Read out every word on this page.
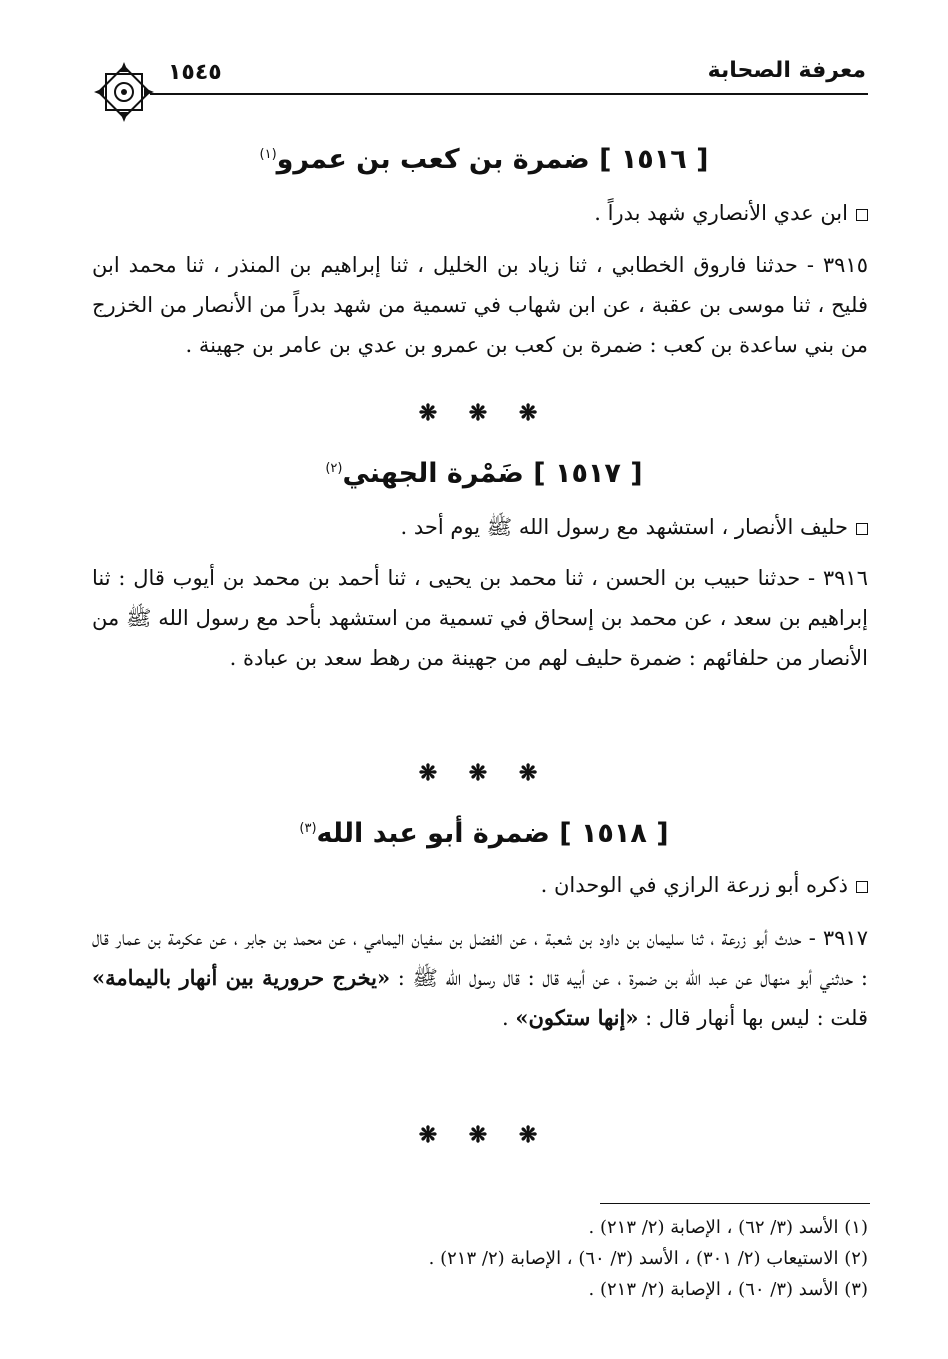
معرفة الصحابة
١٥٤٥
[ ١٥١٦ ] ضمرة بن كعب بن عمرو$^{(١)}$
ابن عدي الأنصاري شهد بدراً .
٣٩١٥ - حدثنا فاروق الخطابي ، ثنا زياد بن الخليل ، ثنا إبراهيم بن المنذر ، ثنا محمد ابن فليح ، ثنا موسى بن عقبة ، عن ابن شهاب في تسمية من شهد بدراً من الأنصار من الخزرج من بني ساعدة بن كعب : ضمرة بن كعب بن عمرو بن عدي بن عامر بن جهينة .
❋ ❋ ❋
[ ١٥١٧ ] ضَمْرة الجهني$^{(٢)}$
حليف الأنصار ، استشهد مع رسول الله ﷺ يوم أحد .
٣٩١٦ - حدثنا حبيب بن الحسن ، ثنا محمد بن يحيى ، ثنا أحمد بن محمد بن أيوب قال : ثنا إبراهيم بن سعد ، عن محمد بن إسحاق في تسمية من استشهد بأحد مع رسول الله ﷺ من الأنصار من حلفائهم : ضمرة حليف لهم من جهينة من رهط سعد بن عبادة .
❋ ❋ ❋
[ ١٥١٨ ] ضمرة أبو عبد الله$^{(٣)}$
ذكره أبو زرعة الرازي في الوحدان .
٣٩١٧ - حدث أبو زرعة ، ثنا سليمان بن داود بن شعبة ، عن الفضل بن سفيان اليمامي ، عن محمد بن جابر ، عن عكرمة بن عمار قال : حدثني أبو منهال عن عبد الله بن ضمرة ، عن أبيه قال : قال رسول الله ﷺ : «يخرج حرورية بين أنهار باليمامة» قلت : ليس بها أنهار قال : «إنها ستكون» .
❋ ❋ ❋
(١) الأسد (٣/ ٦٢) ، الإصابة (٢/ ٢١٣) .
(٢) الاستيعاب (٢/ ٣٠١) ، الأسد (٣/ ٦٠) ، الإصابة (٢/ ٢١٣) .
(٣) الأسد (٣/ ٦٠) ، الإصابة (٢/ ٢١٣) .
